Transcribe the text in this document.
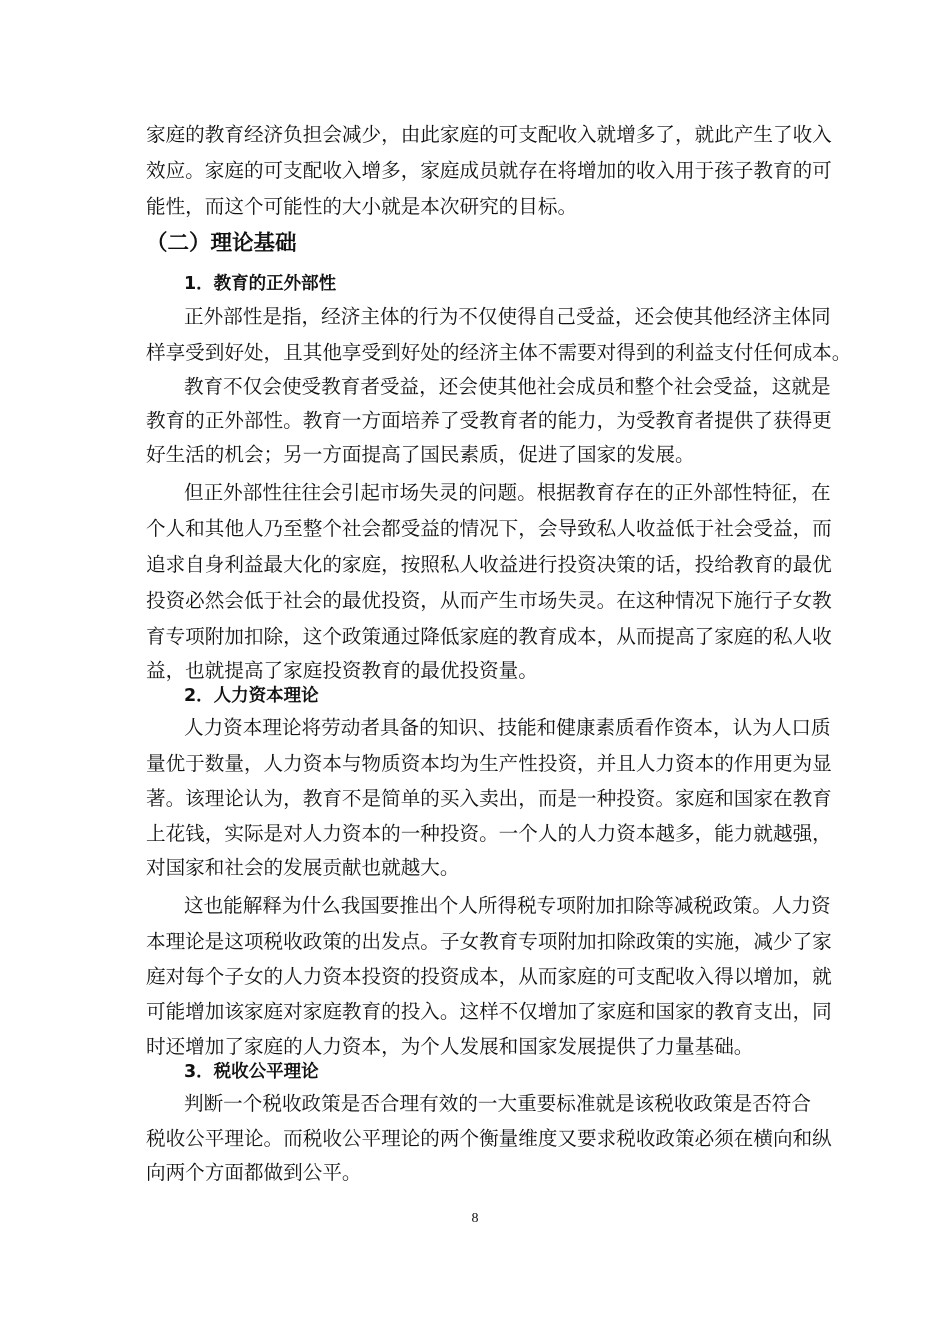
家庭的教育经济负担会减少，由此家庭的可支配收入就增多了，就此产生了收入

效应。家庭的可支配收入增多，家庭成员就存在将增加的收入用于孩子教育的可

能性，而这个可能性的大小就是本次研究的目标。

（二）理论基础
1．教育的正外部性

正外部性是指，经济主体的行为不仅使得自己受益，还会使其他经济主体同

样享受到好处，且其他享受到好处的经济主体不需要对得到的利益支付任何成本。

教育不仅会使受教育者受益，还会使其他社会成员和整个社会受益，这就是

教育的正外部性。教育一方面培养了受教育者的能力，为受教育者提供了获得更

好生活的机会；另一方面提高了国民素质，促进了国家的发展。

但正外部性往往会引起市场失灵的问题。根据教育存在的正外部性特征，在

个人和其他人乃至整个社会都受益的情况下，会导致私人收益低于社会受益，而

追求自身利益最大化的家庭，按照私人收益进行投资决策的话，投给教育的最优

投资必然会低于社会的最优投资，从而产生市场失灵。在这种情况下施行子女教

育专项附加扣除，这个政策通过降低家庭的教育成本，从而提高了家庭的私人收

益，也就提高了家庭投资教育的最优投资量。

2．人力资本理论

人力资本理论将劳动者具备的知识、技能和健康素质看作资本，认为人口质

量优于数量，人力资本与物质资本均为生产性投资，并且人力资本的作用更为显

著。该理论认为，教育不是简单的买入卖出，而是一种投资。家庭和国家在教育

上花钱，实际是对人力资本的一种投资。一个人的人力资本越多，能力就越强，

对国家和社会的发展贡献也就越大。

这也能解释为什么我国要推出个人所得税专项附加扣除等减税政策。人力资

本理论是这项税收政策的出发点。子女教育专项附加扣除政策的实施，减少了家

庭对每个子女的人力资本投资的投资成本，从而家庭的可支配收入得以增加，就

可能增加该家庭对家庭教育的投入。这样不仅增加了家庭和国家的教育支出，同

时还增加了家庭的人力资本，为个人发展和国家发展提供了力量基础。

3．税收公平理论

判断一个税收政策是否合理有效的一大重要标准就是该税收政策是否符合

税收公平理论。而税收公平理论的两个衡量维度又要求税收政策必须在横向和纵

向两个方面都做到公平。

8
